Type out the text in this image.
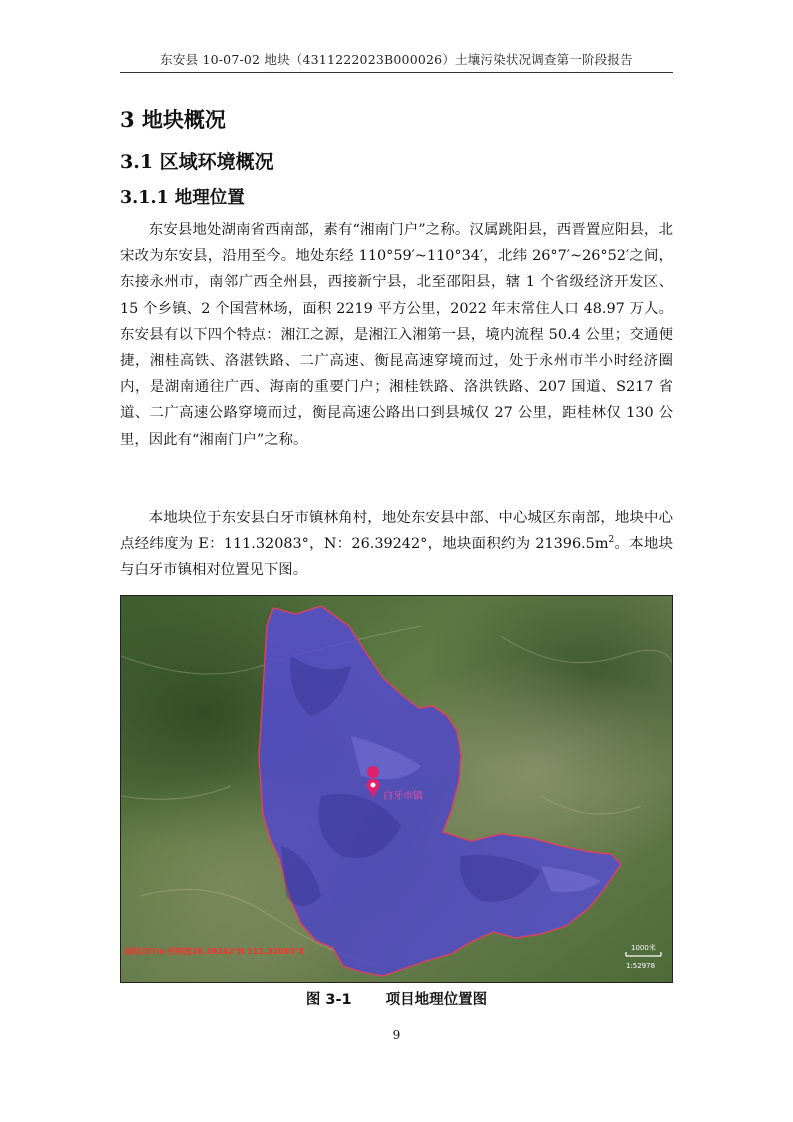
东安县 10-07-02 地块（4311222023B000026）土壤污染状况调查第一阶段报告
3 地块概况
3.1 区域环境概况
3.1.1 地理位置

东安县地处湖南省西南部，素有“湘南门户”之称。汉属跳阳县，西晋置应阳县，北宋改为东安县，沿用至今。地处东经 110°59′~110°34′，北纬 26°7′~26°52′之间，东接永州市，南邻广西全州县，西接新宁县，北至邵阳县，辖 1 个省级经济开发区、15 个乡镇、2 个国营林场，面积 2219 平方公里，2022 年末常住人口 48.97 万人。东安县有以下四个特点：湘江之源，是湘江入湘第一县，境内流程 50.4 公里；交通便捷，湘桂高铁、洛湛铁路、二广高速、衡昆高速穿境而过，处于永州市半小时经济圈内，是湖南通往广西、海南的重要门户；湘桂铁路、洛洪铁路、207 国道、S217 省道、二广高速公路穿境而过，衡昆高速公路出口到县城仅 27 公里，距桂林仅 130 公里，因此有“湘南门户”之称。

本地块位于东安县白牙市镇林角村，地处东安县中部、中心城区东南部，地块中心点经纬度为 E：111.32083°，N：26.39242°，地块面积约为 $21396.5m^2$。本地块与白牙市镇相对位置见下图。

白牙市镇
高程257m 经纬度26.39242°N 111.32083°E	1000米
1:52978
图 3-1 项目地理位置图
9
